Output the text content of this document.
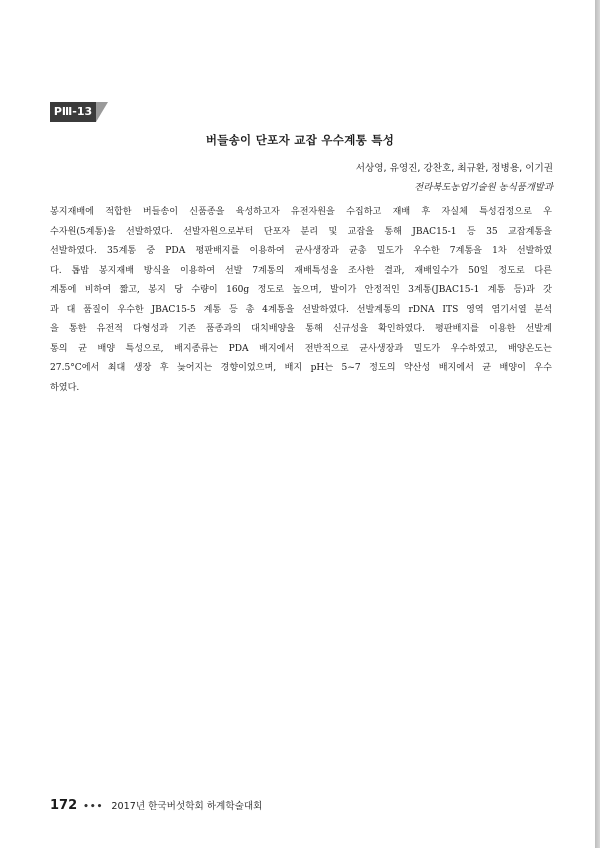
PⅢ-13
버들송이 단포자 교잡 우수계통 특성
서상영, 유영진, 강찬호, 최규환, 정병용, 이기권
전라북도농업기술원 농식품개발과
봉지재배에 적합한 버들송이 신품종을 육성하고자 유전자원을 수집하고 재배 후 자실체 특성검정으로 우
수자원(5계통)을 선발하였다. 선발자원으로부터 단포자 분리 및 교잡을 통해 JBAC15-1 등 35 교잡계통을
선발하였다. 35계통 중 PDA 평판배지를 이용하여 균사생장과 균총 밀도가 우수한 7계통을 1차 선발하였
다. 톱밥 봉지재배 방식을 이용하여 선발 7계통의 재배특성을 조사한 결과, 재배일수가 50일 정도로 다른
계통에 비하여 짧고, 봉지 당 수량이 160g 정도로 높으며, 발이가 안정적인 3계통(JBAC15-1 계통 등)과 갓
과 대 품질이 우수한 JBAC15-5 계통 등 총 4계통을 선발하였다. 선발계통의 rDNA ITS 영역 염기서열 분석
을 통한 유전적 다형성과 기존 품종과의 대치배양을 통해 신규성을 확인하였다. 평판배지를 이용한 선발계
통의 균 배양 특성으로, 배지종류는 PDA 배지에서 전반적으로 균사생장과 밀도가 우수하였고, 배양온도는
27.5°C에서 최대 생장 후 늦어지는 경향이었으며, 배지 pH는 5~7 정도의 약산성 배지에서 균 배양이 우수
하였다.
172 ••• 2017년 한국버섯학회 하계학술대회
